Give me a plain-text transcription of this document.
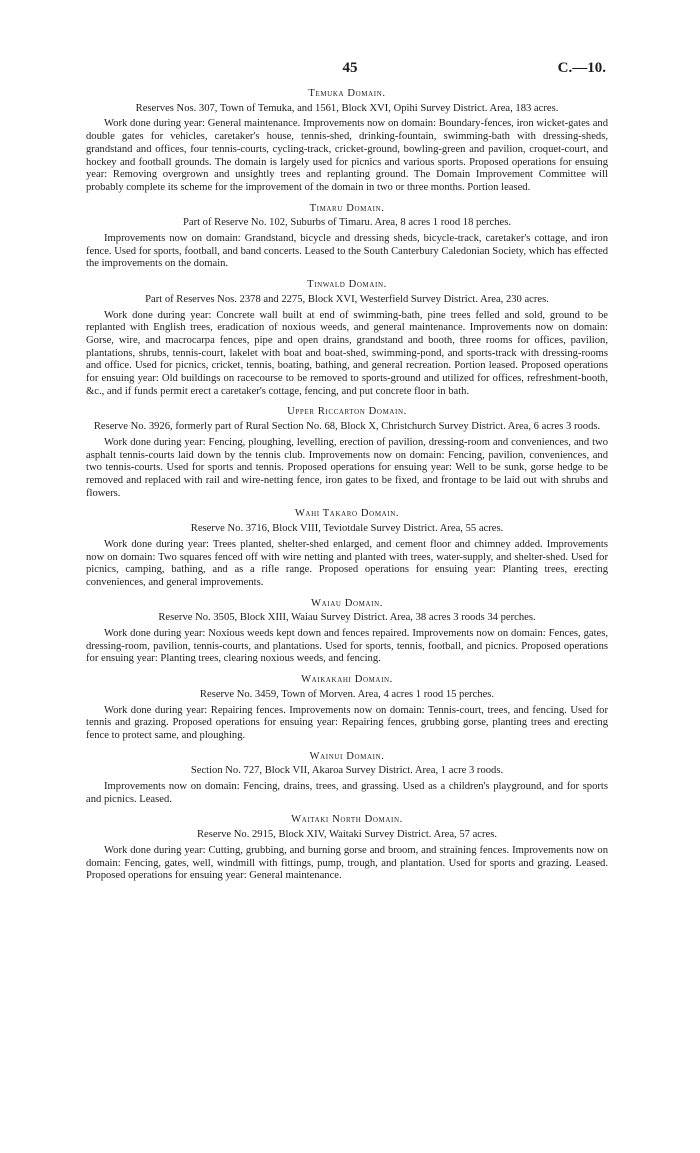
45	C.—10.
Temuka Domain.
Reserves Nos. 307, Town of Temuka, and 1561, Block XVI, Opihi Survey District. Area, 183 acres.
Work done during year: General maintenance. Improvements now on domain: Boundary-fences, iron wicket-gates and double gates for vehicles, caretaker's house, tennis-shed, drinking-fountain, swimming-bath with dressing-sheds, grandstand and offices, four tennis-courts, cycling-track, cricket-ground, bowling-green and pavilion, croquet-court, and hockey and football grounds. The domain is largely used for picnics and various sports. Proposed operations for ensuing year: Removing overgrown and unsightly trees and replanting ground. The Domain Improvement Committee will probably complete its scheme for the improvement of the domain in two or three months. Portion leased.
Timaru Domain.
Part of Reserve No. 102, Suburbs of Timaru. Area, 8 acres 1 rood 18 perches.
Improvements now on domain: Grandstand, bicycle and dressing sheds, bicycle-track, caretaker's cottage, and iron fence. Used for sports, football, and band concerts. Leased to the South Canterbury Caledonian Society, which has effected the improvements on the domain.
Tinwald Domain.
Part of Reserves Nos. 2378 and 2275, Block XVI, Westerfield Survey District. Area, 230 acres.
Work done during year: Concrete wall built at end of swimming-bath, pine trees felled and sold, ground to be replanted with English trees, eradication of noxious weeds, and general maintenance. Improvements now on domain: Gorse, wire, and macrocarpa fences, pipe and open drains, grandstand and booth, three rooms for offices, pavilion, plantations, shrubs, tennis-court, lakelet with boat and boat-shed, swimming-pond, and sports-track with dressing-rooms and office. Used for picnics, cricket, tennis, boating, bathing, and general recreation. Portion leased. Proposed operations for ensuing year: Old buildings on racecourse to be removed to sports-ground and utilized for offices, refreshment-booth, &c., and if funds permit erect a caretaker's cottage, fencing, and put concrete floor in bath.
Upper Riccarton Domain.
Reserve No. 3926, formerly part of Rural Section No. 68, Block X, Christchurch Survey District. Area, 6 acres 3 roods.
Work done during year: Fencing, ploughing, levelling, erection of pavilion, dressing-room and conveniences, and two asphalt tennis-courts laid down by the tennis club. Improvements now on domain: Fencing, pavilion, conveniences, and two tennis-courts. Used for sports and tennis. Proposed operations for ensuing year: Well to be sunk, gorse hedge to be removed and replaced with rail and wire-netting fence, iron gates to be fixed, and frontage to be laid out with shrubs and flowers.
Wahi Takaro Domain.
Reserve No. 3716, Block VIII, Teviotdale Survey District. Area, 55 acres.
Work done during year: Trees planted, shelter-shed enlarged, and cement floor and chimney added. Improvements now on domain: Two squares fenced off with wire netting and planted with trees, water-supply, and shelter-shed. Used for picnics, camping, bathing, and as a rifle range. Proposed operations for ensuing year: Planting trees, erecting conveniences, and general improvements.
Waiau Domain.
Reserve No. 3505, Block XIII, Waiau Survey District. Area, 38 acres 3 roods 34 perches.
Work done during year: Noxious weeds kept down and fences repaired. Improvements now on domain: Fences, gates, dressing-room, pavilion, tennis-courts, and plantations. Used for sports, tennis, football, and picnics. Proposed operations for ensuing year: Planting trees, clearing noxious weeds, and fencing.
Waikakahi Domain.
Reserve No. 3459, Town of Morven. Area, 4 acres 1 rood 15 perches.
Work done during year: Repairing fences. Improvements now on domain: Tennis-court, trees, and fencing. Used for tennis and grazing. Proposed operations for ensuing year: Repairing fences, grubbing gorse, planting trees and erecting fence to protect same, and ploughing.
Wainui Domain.
Section No. 727, Block VII, Akaroa Survey District. Area, 1 acre 3 roods.
Improvements now on domain: Fencing, drains, trees, and grassing. Used as a children's playground, and for sports and picnics. Leased.
Waitaki North Domain.
Reserve No. 2915, Block XIV, Waitaki Survey District. Area, 57 acres.
Work done during year: Cutting, grubbing, and burning gorse and broom, and straining fences. Improvements now on domain: Fencing, gates, well, windmill with fittings, pump, trough, and plantation. Used for sports and grazing. Leased. Proposed operations for ensuing year: General maintenance.
